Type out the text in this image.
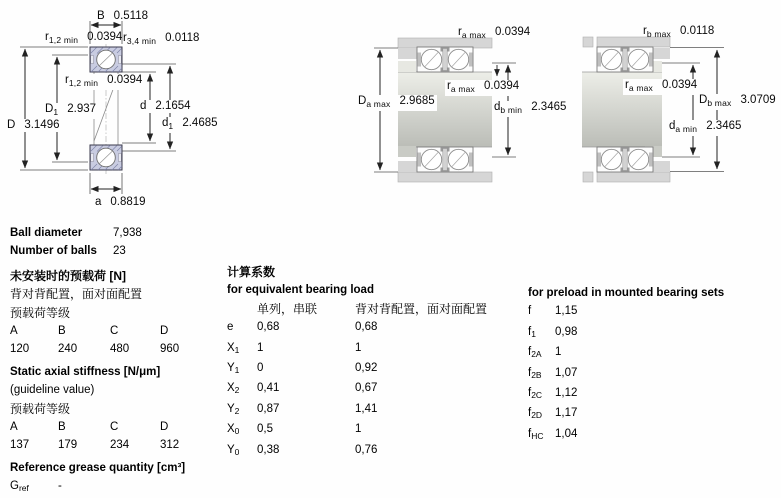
B 0.5118
$r_{1,2 min}$ 0.0394 $r_{3,4 min}$ 0.0118
$r_{1,2 min}$ 0.0394
$D_1$ 2.937
D 3.1496
d 2.1654
$d_1$ 2.4685
a 0.8819
$r_{a max}$ 0.0394
$r_{a max}$ 0.0394
$D_{a max}$ 2.9685	$d_{b min}$ 2.3465
$r_{b max}$ 0.0118
$r_{a max}$ 0.0394
$D_{b max}$ 3.0709
$d_{a min}$ 2.3465
Ball diameter	7,938
Number of balls	23
未安装时的预载荷 [N]
背对背配置，面对面配置
预载荷等级
A	B	C	D
120	240	480	960
Static axial stiffness [N/μm]
(guideline value)
预载荷等级
A	B	C	D
137	179	234	312
Reference grease quantity [cm³]
$G_{ref}$	-
计算系数
for equivalent bearing load
单列，串联	背对背配置，面对面配置
e	0,68	0,68
$X_1$	1	1
$Y_1$	0	0,92
$X_2$	0,41	0,67
$Y_2$	0,87	1,41
$X_0$	0,5	1
$Y_0$	0,38	0,76
for preload in mounted bearing sets
f	1,15
$f_1$	0,98
$f_{2A}$	1
$f_{2B}$	1,07
$f_{2C}$	1,12
$f_{2D}$	1,17
$f_{HC}$	1,04
